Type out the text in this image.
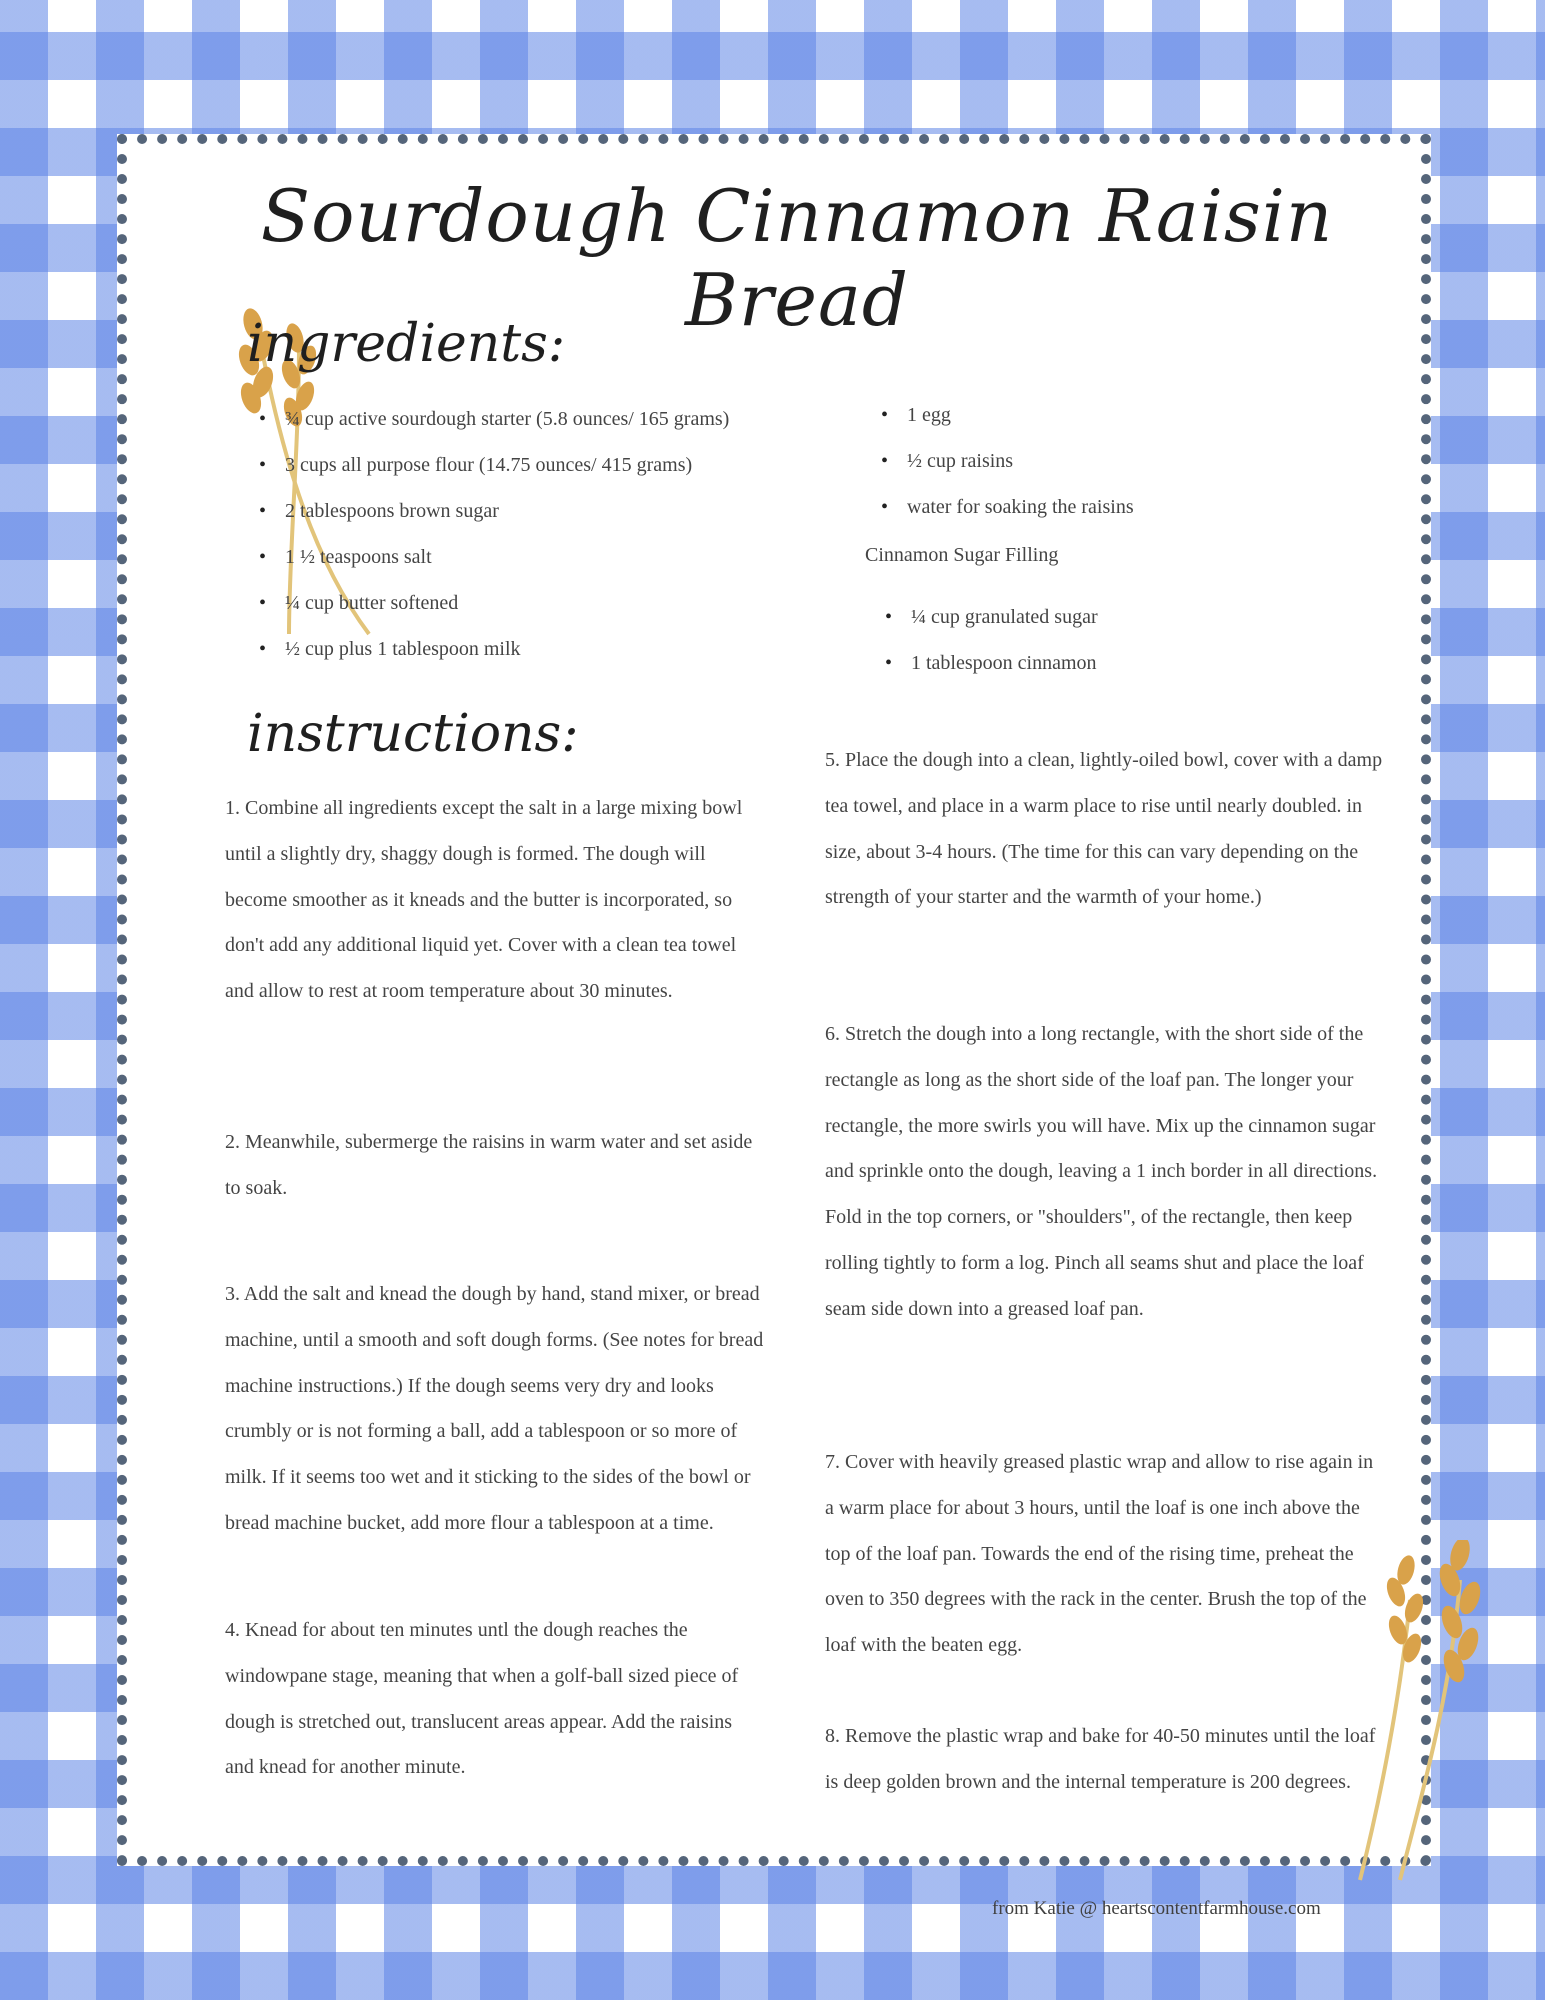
Sourdough Cinnamon Raisin Bread
ingredients:
• ¾ cup active sourdough starter (5.8 ounces/ 165 grams)
• 3 cups all purpose flour (14.75 ounces/ 415 grams)
• 2 tablespoons brown sugar
• 1 ½ teaspoons salt
• ¼ cup butter softened
• ½ cup plus 1 tablespoon milk
• 1 egg
• ½ cup raisins
• water for soaking the raisins

Cinnamon Sugar Filling

• ¼ cup granulated sugar
• 1 tablespoon cinnamon
instructions:

1. Combine all ingredients except the salt in a large mixing bowl until a slightly dry, shaggy dough is formed. The dough will become smoother as it kneads and the butter is incorporated, so don't add any additional liquid yet. Cover with a clean tea towel and allow to rest at room temperature about 30 minutes.

2. Meanwhile, subermerge the raisins in warm water and set aside to soak.

3. Add the salt and knead the dough by hand, stand mixer, or bread machine, until a smooth and soft dough forms. (See notes for bread machine instructions.) If the dough seems very dry and looks crumbly or is not forming a ball, add a tablespoon or so more of milk. If it seems too wet and it sticking to the sides of the bowl or bread machine bucket, add more flour a tablespoon at a time.

4. Knead for about ten minutes untl the dough reaches the windowpane stage, meaning that when a golf-ball sized piece of dough is stretched out, translucent areas appear. Add the raisins and knead for another minute.

5. Place the dough into a clean, lightly-oiled bowl, cover with a damp tea towel, and place in a warm place to rise until nearly doubled. in size, about 3-4 hours. (The time for this can vary depending on the strength of your starter and the warmth of your home.)

6. Stretch the dough into a long rectangle, with the short side of the rectangle as long as the short side of the loaf pan. The longer your rectangle, the more swirls you will have. Mix up the cinnamon sugar and sprinkle onto the dough, leaving a 1 inch border in all directions. Fold in the top corners, or "shoulders", of the rectangle, then keep rolling tightly to form a log. Pinch all seams shut and place the loaf seam side down into a greased loaf pan.

7. Cover with heavily greased plastic wrap and allow to rise again in a warm place for about 3 hours, until the loaf is one inch above the top of the loaf pan. Towards the end of the rising time, preheat the oven to 350 degrees with the rack in the center. Brush the top of the loaf with the beaten egg.

8. Remove the plastic wrap and bake for 40-50 minutes until the loaf is deep golden brown and the internal temperature is 200 degrees.

from Katie @ heartscontentfarmhouse.com
